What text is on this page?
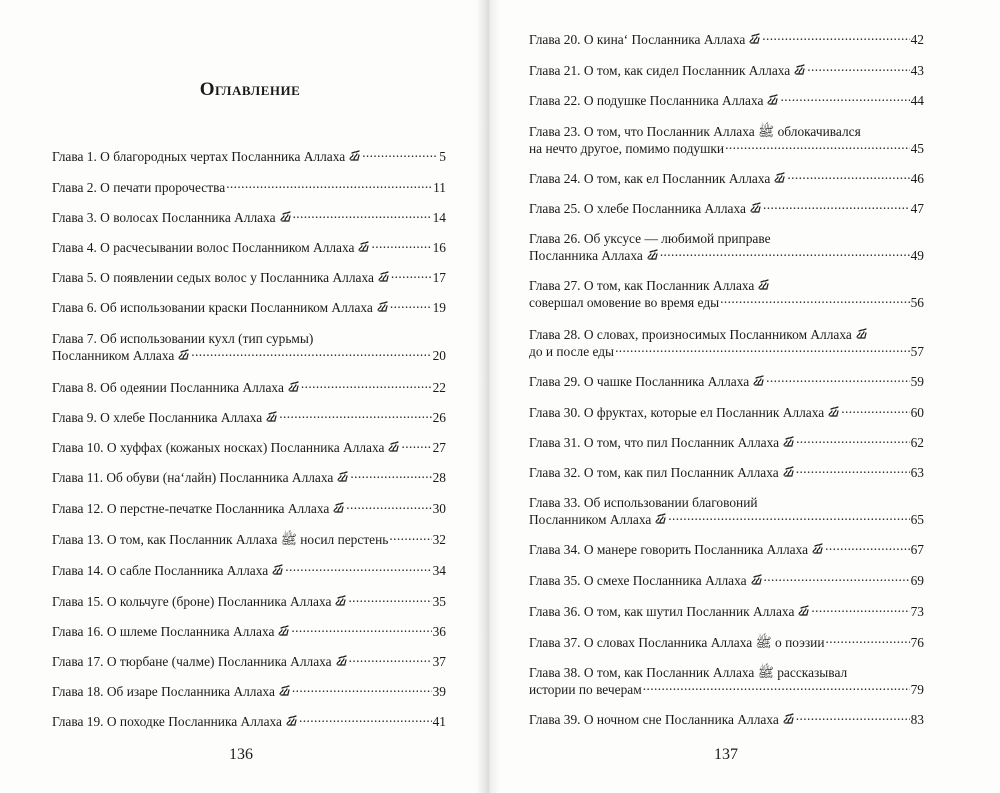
Оглавление
Глава 1. О благородных чертах Посланника Аллаха .....	5
Глава 2. О печати пророчества .....	11
Глава 3. О волосах Посланника Аллаха .....	14
Глава 4. О расчесывании волос Посланником Аллаха .....	16
Глава 5. О появлении седых волос у Посланника Аллаха .....	17
Глава 6. Об использовании краски Посланником Аллаха .....	19
Глава 7. Об использовании кухл (тип сурьмы)
Посланником Аллаха .....	20
Глава 8. Об одеянии Посланника Аллаха .....	22
Глава 9. О хлебе Посланника Аллаха .....	26
Глава 10. О хуффах (кожаных носках) Посланника Аллаха .....	27
Глава 11. Об обуви (на‘лайн) Посланника Аллаха .....	28
Глава 12. О перстне-печатке Посланника Аллаха .....	30
Глава 13. О том, как Посланник Аллаха ﷺ носил перстень .....	32
Глава 14. О сабле Посланника Аллаха .....	34
Глава 15. О кольчуге (броне) Посланника Аллаха .....	35
Глава 16. О шлеме Посланника Аллаха .....	36
Глава 17. О тюрбане (чалме) Посланника Аллаха .....	37
Глава 18. Об изаре Посланника Аллаха .....	39
Глава 19. О походке Посланника Аллаха .....	41
Глава 20. О кина‘ Посланника Аллаха .....	42
Глава 21. О том, как сидел Посланник Аллаха .....	43
Глава 22. О подушке Посланника Аллаха .....	44
Глава 23. О том, что Посланник Аллаха ﷺ облокачивался
на нечто другое, помимо подушки .....	45
Глава 24. О том, как ел Посланник Аллаха .....	46
Глава 25. О хлебе Посланника Аллаха .....	47
Глава 26. Об уксусе — любимой приправе
Посланника Аллаха .....	49
Глава 27. О том, как Посланник Аллаха
совершал омовение во время еды .....	56
Глава 28. О словах, произносимых Посланником Аллаха
до и после еды .....	57
Глава 29. О чашке Посланника Аллаха .....	59
Глава 30. О фруктах, которые ел Посланник Аллаха .....	60
Глава 31. О том, что пил Посланник Аллаха .....	62
Глава 32. О том, как пил Посланник Аллаха .....	63
Глава 33. Об использовании благовоний
Посланником Аллаха .....	65
Глава 34. О манере говорить Посланника Аллаха .....	67
Глава 35. О смехе Посланника Аллаха .....	69
Глава 36. О том, как шутил Посланник Аллаха .....	73
Глава 37. О словах Посланника Аллаха ﷺ о поэзии .....	76
Глава 38. О том, как Посланник Аллаха ﷺ рассказывал
истории по вечерам .....	79
Глава 39. О ночном сне Посланника Аллаха .....	83
136	137
